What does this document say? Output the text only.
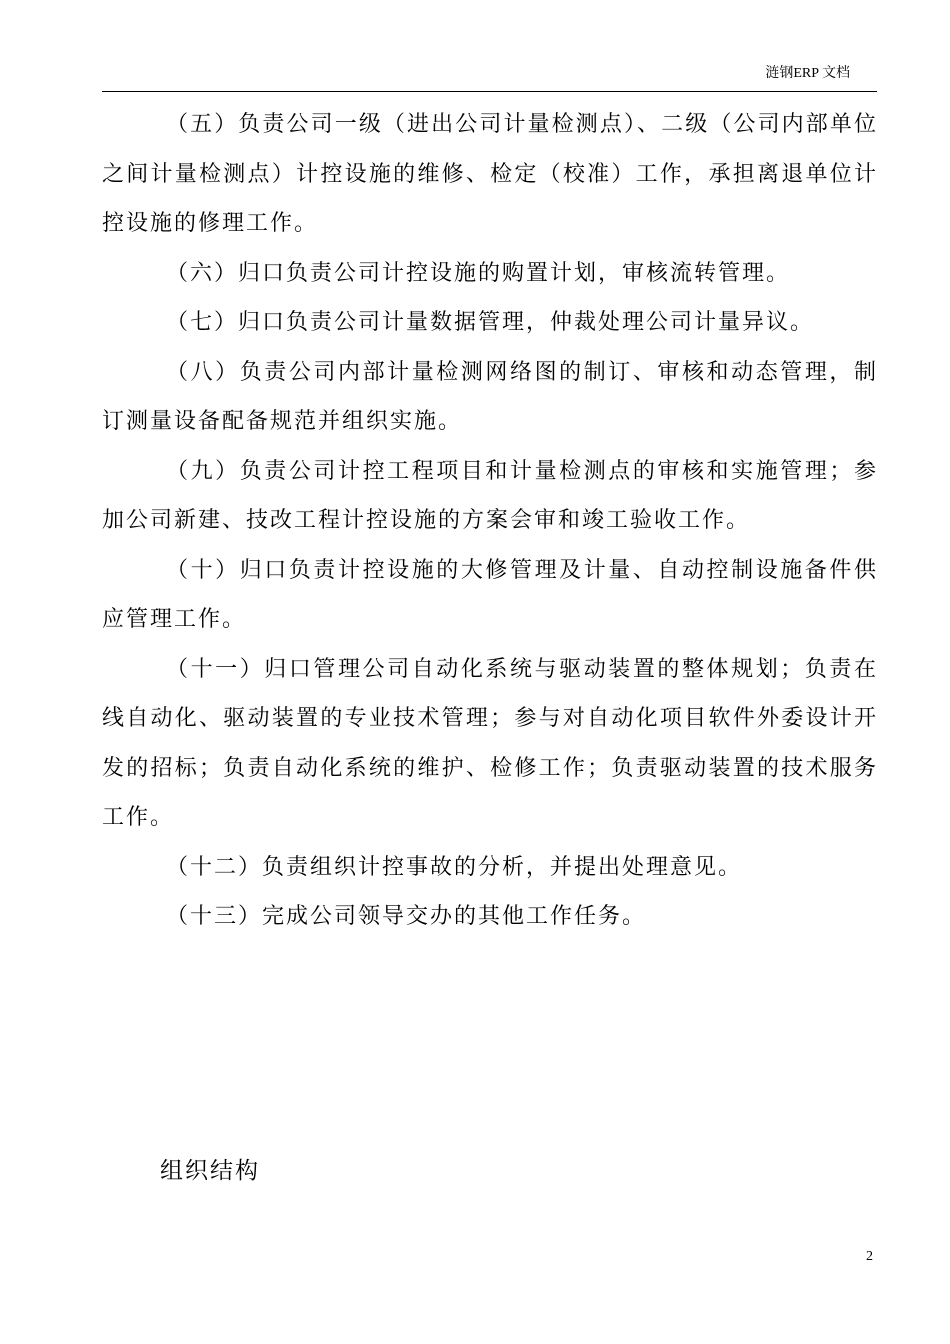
涟钢ERP 文档

（五）负责公司一级（进出公司计量检测点）、二级（公司内部单位之间计量检测点）计控设施的维修、检定（校准）工作，承担离退单位计控设施的修理工作。

（六）归口负责公司计控设施的购置计划，审核流转管理。

（七）归口负责公司计量数据管理，仲裁处理公司计量异议。

（八）负责公司内部计量检测网络图的制订、审核和动态管理，制订测量设备配备规范并组织实施。

（九）负责公司计控工程项目和计量检测点的审核和实施管理；参加公司新建、技改工程计控设施的方案会审和竣工验收工作。

（十）归口负责计控设施的大修管理及计量、自动控制设施备件供应管理工作。

（十一）归口管理公司自动化系统与驱动装置的整体规划；负责在线自动化、驱动装置的专业技术管理；参与对自动化项目软件外委设计开发的招标；负责自动化系统的维护、检修工作；负责驱动装置的技术服务工作。

（十二）负责组织计控事故的分析，并提出处理意见。

（十三）完成公司领导交办的其他工作任务。

组织结构
2
